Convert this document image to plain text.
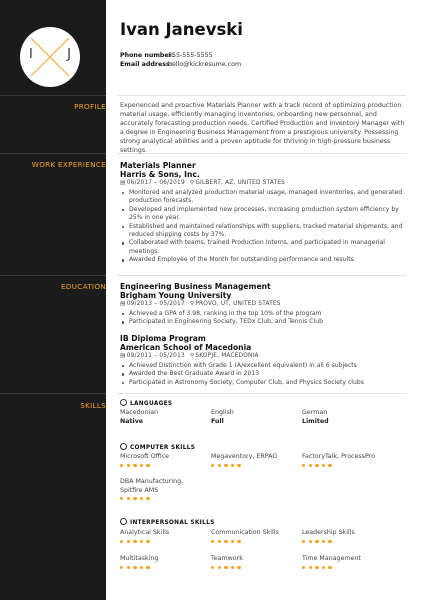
I	J
Ivan Janevski
Phone number:555-555-5555
Email address:hello@kickresume.com
PROFILE
WORK EXPERIENCE
EDUCATION
SKILLS
Experienced and proactive Materials Planner with a track record of optimizing production material usage, efficiently managing inventories, onboarding new personnel, and accurately forecasting production needs. Certified Production and Inventory Manager with a degree in Engineering Business Management from a prestigious university. Possessing strong analytical abilities and a proven aptitude for thriving in high-pressure business settings.
Materials Planner
Harris & Sons, Inc.
▤06/2017 – 06/2019 ⚲GILBERT, AZ, UNITED STATES
Monitored and analyzed production material usage, managed inventories, and generated production forecasts.
Developed and implemented new processes, increasing production system efficiency by 25% in one year.
Established and maintained relationships with suppliers, tracked material shipments, and reduced shipping costs by 37%.
Collaborated with teams, trained Production Interns, and participated in managerial meetings.
Awarded Employee of the Month for outstanding performance and results.
Engineering Business Management
Brigham Young University
▤09/2013 – 05/2017 ⚲PROVO, UT, UNITED STATES
Achieved a GPA of 3.98, ranking in the top 10% of the program
Participated in Engineering Society, TEDx Club, and Tennis Club
IB Diploma Program
American School of Macedonia
▤09/2011 – 05/2013 ⚲SKOPJE, MACEDONIA
Achieved Distinction with Grade 1 (A/excellent equivalent) in all 6 subjects
Awarded the Best Graduate Award in 2013
Participated in Astronomy Society, Computer Club, and Physics Society clubs
LANGUAGES
Macedonian
Native
English
Full
German
Limited
COMPUTER SKILLS
Microsoft Office	Megaventory, ERPAG	FactoryTalk, ProcessPro
DBA Manufacturing, Spitfire AMS
INTERPERSONAL SKILLS
Analytical Skills	Communication Skills	Leadership Skills
Multitasking	Teamwork	Time Management
